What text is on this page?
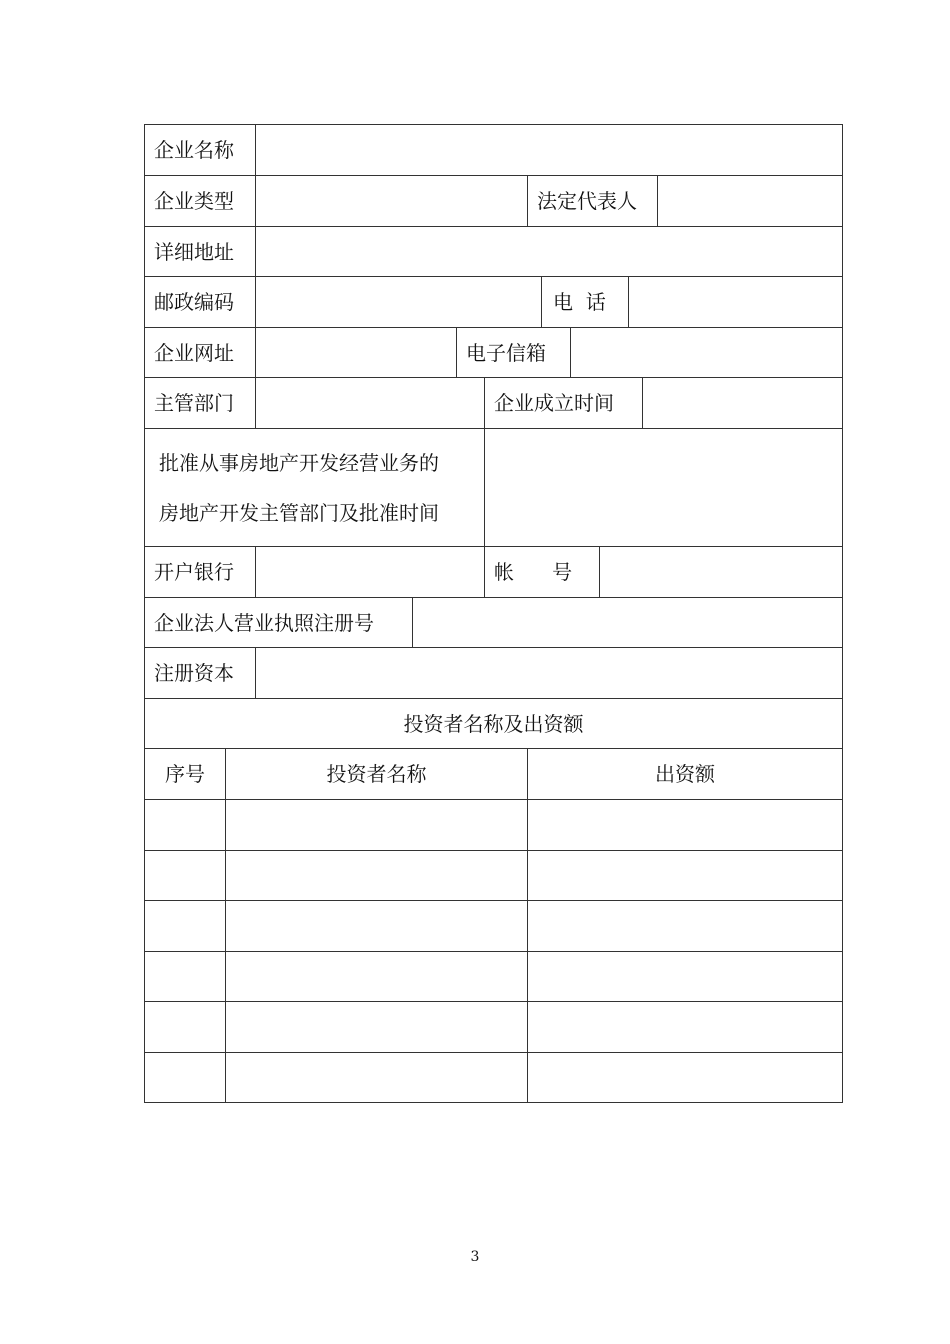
企业名称
企业类型	法定代表人
详细地址
邮政编码	电  话
企业网址	电子信箱
主管部门	企业成立时间
批准从事房地产开发经营业务的
房地产开发主管部门及批准时间
开户银行	帐      号
企业法人营业执照注册号
注册资本
投资者名称及出资额
序号	投资者名称	出资额
3
